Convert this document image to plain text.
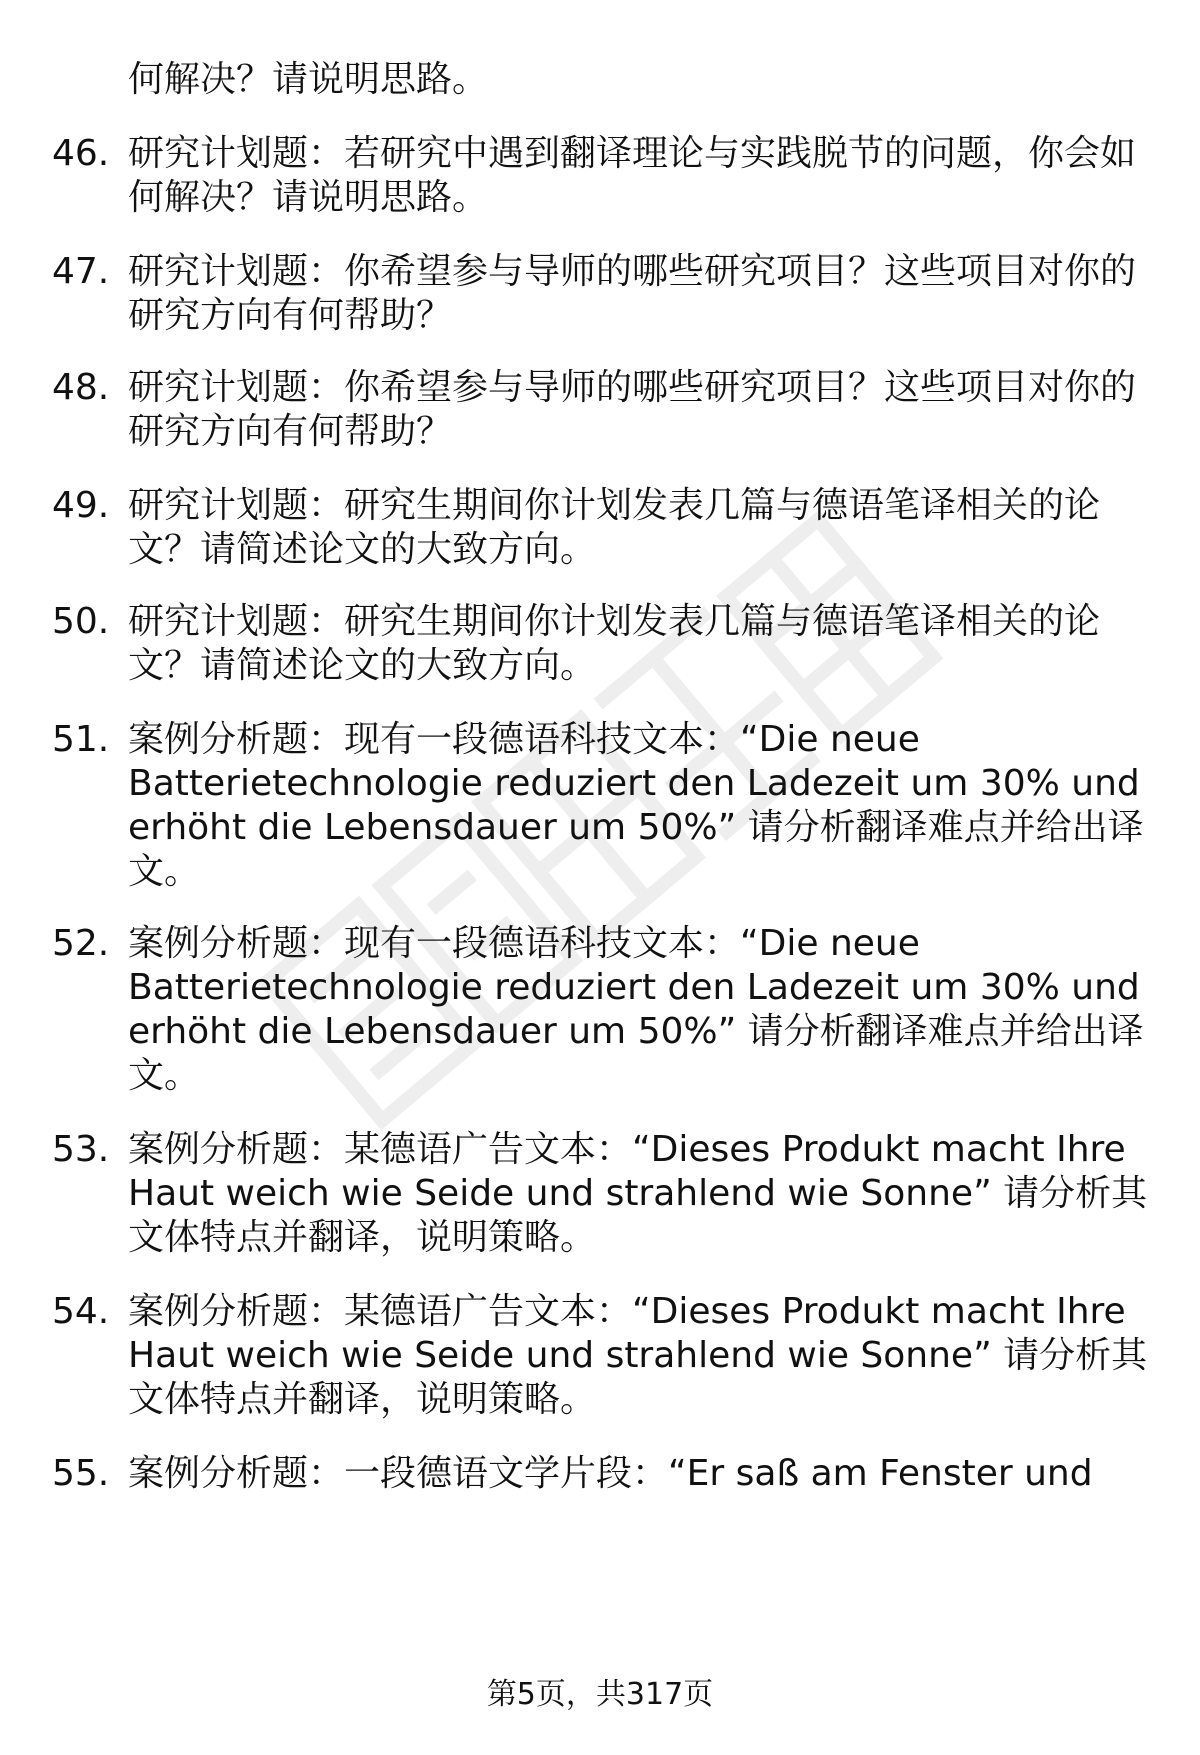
何解决？请说明思路。
46. 研究计划题：若研究中遇到翻译理论与实践脱节的问题，你会如
何解决？请说明思路。
47. 研究计划题：你希望参与导师的哪些研究项目？这些项目对你的
研究方向有何帮助？
48. 研究计划题：你希望参与导师的哪些研究项目？这些项目对你的
研究方向有何帮助？
49. 研究计划题：研究生期间你计划发表几篇与德语笔译相关的论
文？请简述论文的大致方向。
50. 研究计划题：研究生期间你计划发表几篇与德语笔译相关的论
文？请简述论文的大致方向。
51. 案例分析题：现有一段德语科技文本：“Die neue
Batterietechnologie reduziert den Ladezeit um 30% und
erhöht die Lebensdauer um 50%” 请分析翻译难点并给出译
文。
52. 案例分析题：现有一段德语科技文本：“Die neue
Batterietechnologie reduziert den Ladezeit um 30% und
erhöht die Lebensdauer um 50%” 请分析翻译难点并给出译
文。
53. 案例分析题：某德语广告文本：“Dieses Produkt macht Ihre
Haut weich wie Seide und strahlend wie Sonne” 请分析其
文体特点并翻译，说明策略。
54. 案例分析题：某德语广告文本：“Dieses Produkt macht Ihre
Haut weich wie Seide und strahlend wie Sonne” 请分析其
文体特点并翻译，说明策略。
55. 案例分析题：一段德语文学片段：“Er saß am Fenster und
第5页，共317页
